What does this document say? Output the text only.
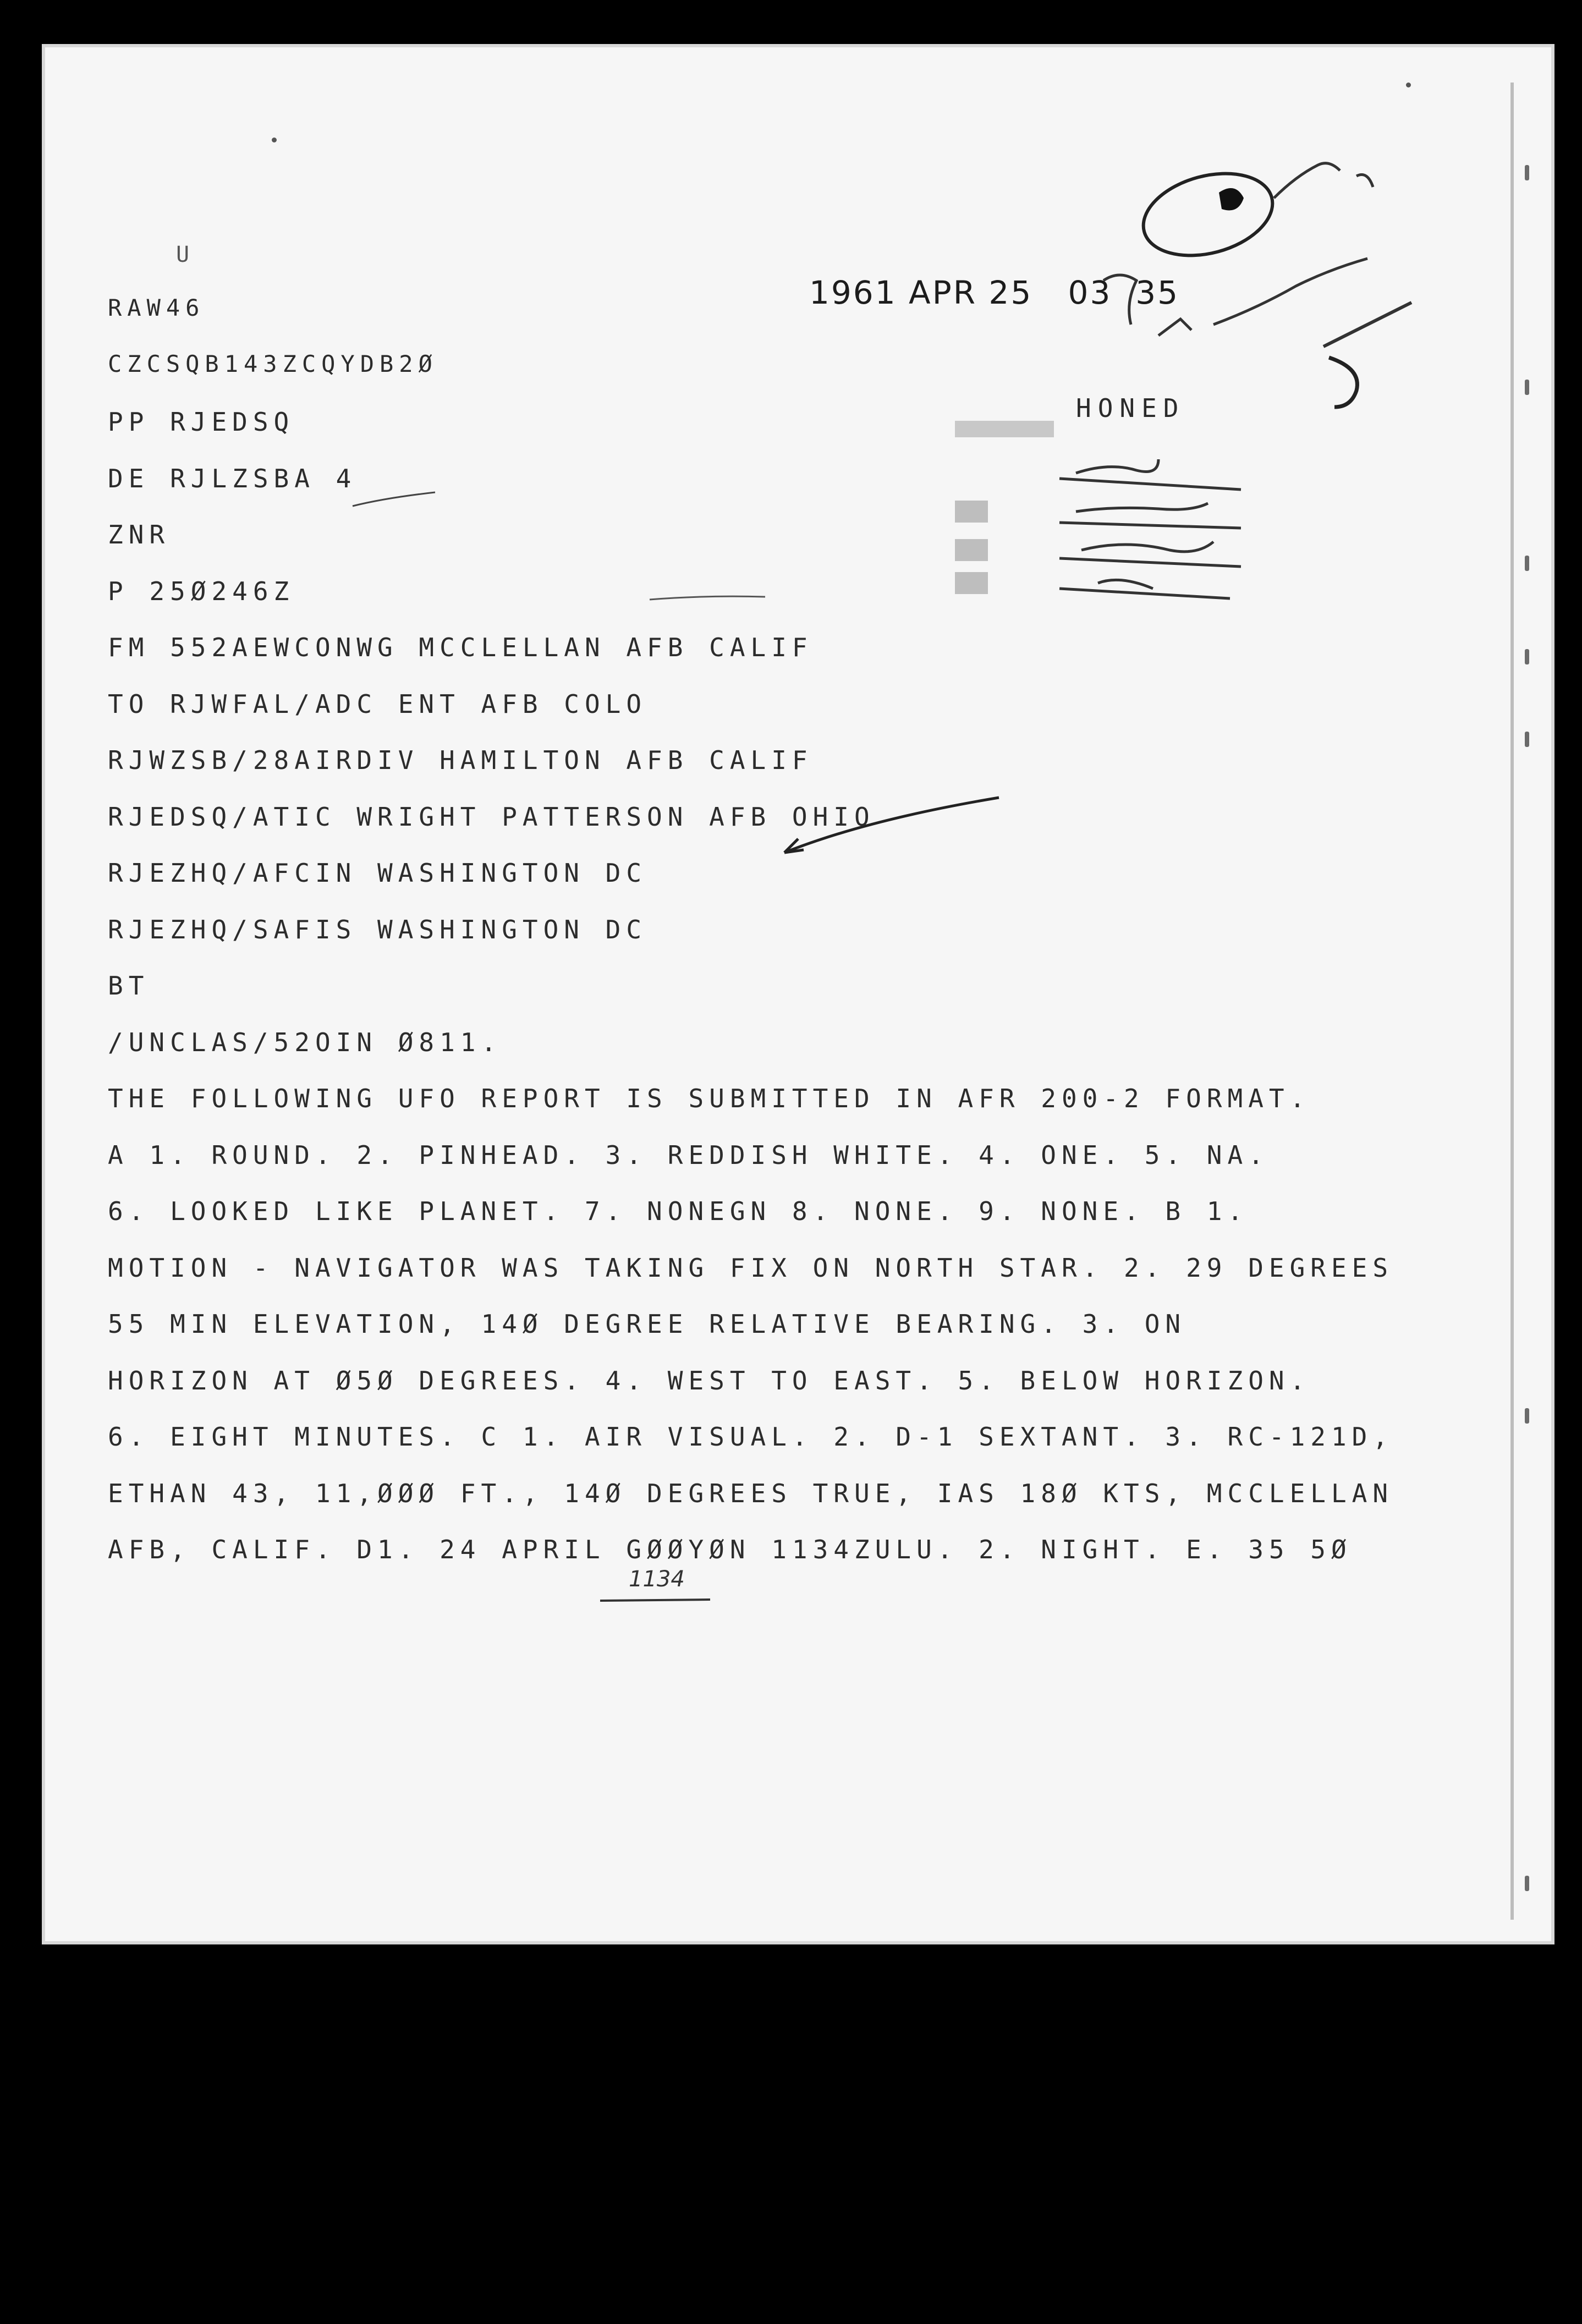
U
1961 APR 25   03  35
HONED
RAW46
CZCSQB143ZCQYDB2Ø
PP RJEDSQ
DE RJLZSBA 4
ZNR
P 25Ø246Z
FM 552AEWCONWG MCCLELLAN AFB CALIF
TO RJWFAL/ADC ENT AFB COLO
RJWZSB/28AIRDIV HAMILTON AFB CALIF
RJEDSQ/ATIC WRIGHT PATTERSON AFB OHIO
RJEZHQ/AFCIN WASHINGTON DC
RJEZHQ/SAFIS WASHINGTON DC
BT
/UNCLAS/52OIN Ø811.
THE FOLLOWING UFO REPORT IS SUBMITTED IN AFR 200-2 FORMAT.
A 1. ROUND. 2. PINHEAD. 3. REDDISH WHITE. 4. ONE. 5. NA.
6. LOOKED LIKE PLANET. 7. NONEGN 8. NONE. 9. NONE. B 1.
MOTION - NAVIGATOR WAS TAKING FIX ON NORTH STAR. 2. 29 DEGREES
55 MIN ELEVATION, 14Ø DEGREE RELATIVE BEARING. 3. ON
HORIZON AT Ø5Ø DEGREES. 4. WEST TO EAST. 5. BELOW HORIZON.
6. EIGHT MINUTES. C 1. AIR VISUAL. 2. D-1 SEXTANT. 3. RC-121D,
ETHAN 43, 11,ØØØ FT., 14Ø DEGREES TRUE, IAS 18Ø KTS, MCCLELLAN
AFB, CALIF. D1. 24 APRIL GØØYØN 1134ZULU. 2. NIGHT. E. 35 5Ø
1134
